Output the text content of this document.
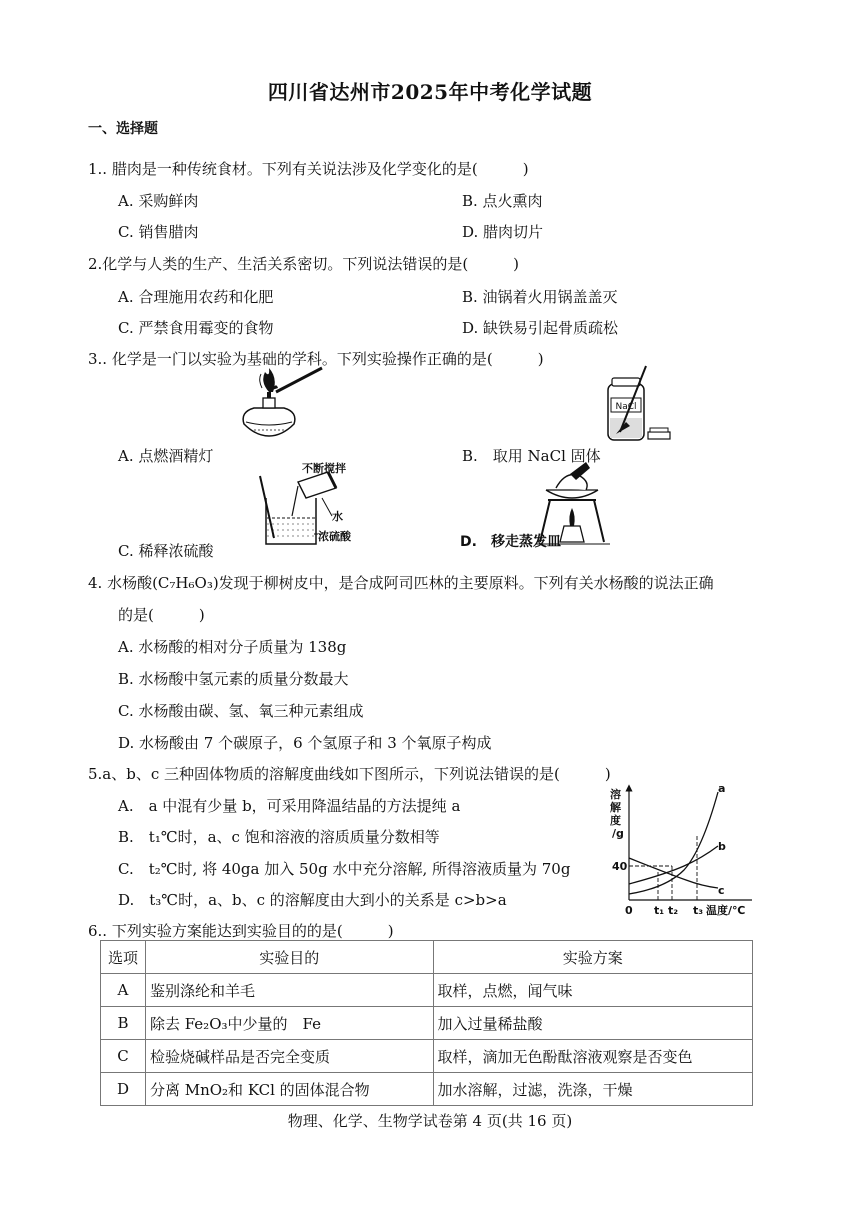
四川省达州市2025年中考化学试题
一、选择题
1.. 腊肉是一种传统食材。下列有关说法涉及化学变化的是(　　　)
A. 采购鲜肉	B. 点火熏肉
C. 销售腊肉	D. 腊肉切片
2.化学与人类的生产、生活关系密切。下列说法错误的是(　　　)
A. 合理施用农药和化肥	B. 油锅着火用锅盖盖灭
C. 严禁食用霉变的食物	D. 缺铁易引起骨质疏松
3.. 化学是一门以实验为基础的学科。下列实验操作正确的是(　　　)
A. 点燃酒精灯
NaCl
B.　取用 NaCl 固体
不断搅拌
水
浓硫酸
C. 稀释浓硫酸	D.　移走蒸发皿
4. 水杨酸(C₇H₆O₃)发现于柳树皮中，是合成阿司匹林的主要原料。下列有关水杨酸的说法正确
的是(　　　)
A. 水杨酸的相对分子质量为 138g
B. 水杨酸中氢元素的质量分数最大
C. 水杨酸由碳、氢、氧三种元素组成
D. 水杨酸由 7 个碳原子，6 个氢原子和 3 个氧原子构成
5.a、b、c 三种固体物质的溶解度曲线如下图所示，下列说法错误的是(　　　)
A.　a 中混有少量 b，可采用降温结晶的方法提纯 a
B.　t₁℃时，a、c 饱和溶液的溶质质量分数相等
C.　t₂℃时, 将 40ga 加入 50g 水中充分溶解, 所得溶液质量为 70g
D.　t₃℃时，a、b、c 的溶解度由大到小的关系是 c>b>a
溶
解
度
/g
40
a
b
c
0 t₁ t₂ t₃ 温度/℃
6.. 下列实验方案能达到实验目的的是(　　　)
选项	实验目的	实验方案
A	鉴别涤纶和羊毛	取样，点燃，闻气味
B	除去 Fe₂O₃中少量的　Fe	加入过量稀盐酸
C	检验烧碱样品是否完全变质	取样，滴加无色酚酞溶液观察是否变色
D	分离 MnO₂和 KCl 的固体混合物	加水溶解，过滤，洗涤，干燥
物理、化学、生物学试卷第 4 页(共 16 页)
